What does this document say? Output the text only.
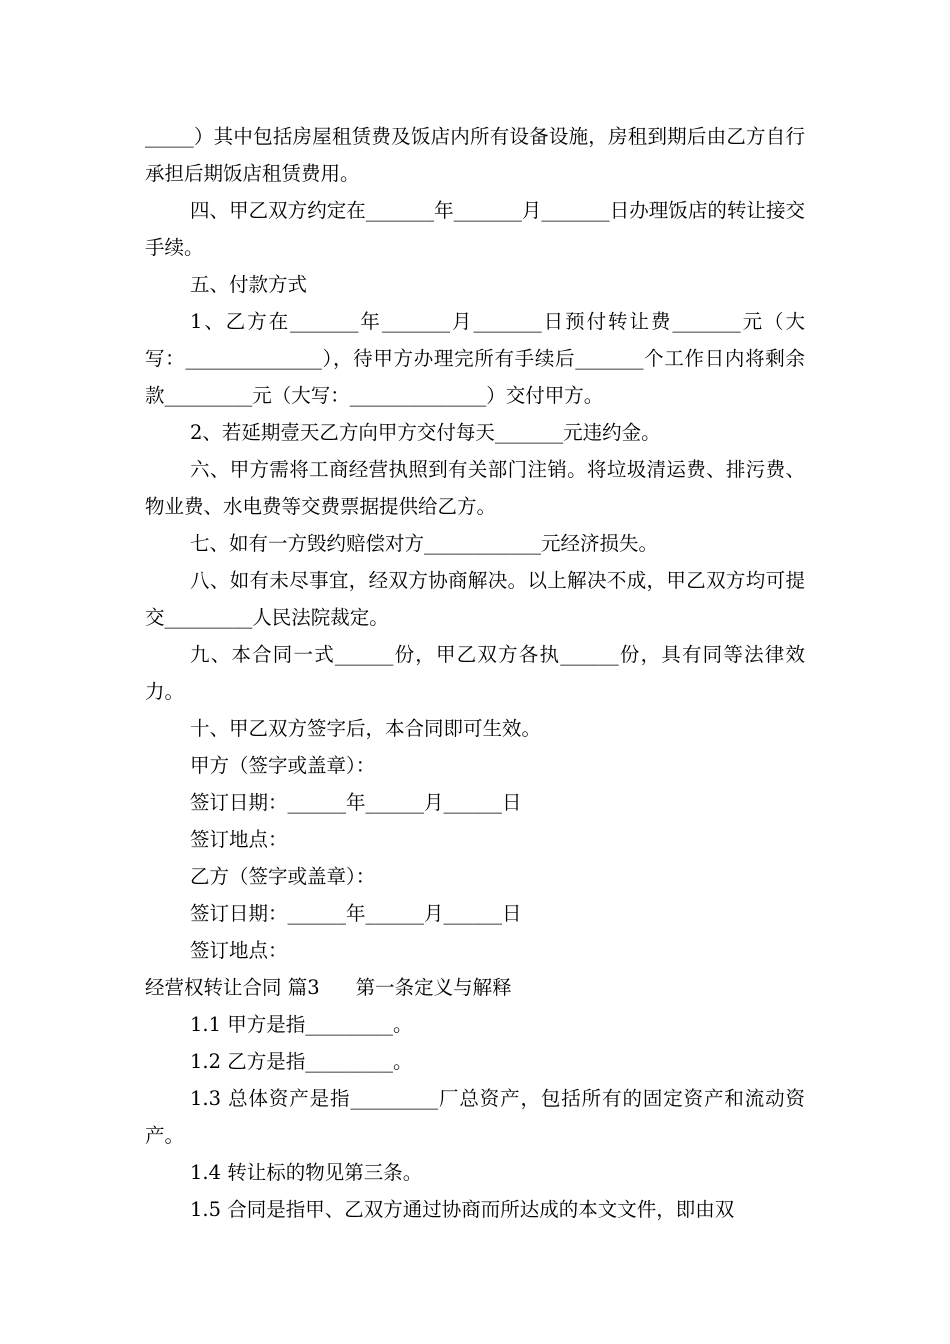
_____）其中包括房屋租赁费及饭店内所有设备设施，房租到期后由乙方自行承担后期饭店租赁费用。

四、甲乙双方约定在_______年_______月_______日办理饭店的转让接交手续。

五、付款方式

1、乙方在_______年_______月_______日预付转让费_______元（大写：______________），待甲方办理完所有手续后_______个工作日内将剩余款_________元（大写：______________）交付甲方。

2、若延期壹天乙方向甲方交付每天_______元违约金。

六、甲方需将工商经营执照到有关部门注销。将垃圾清运费、排污费、物业费、水电费等交费票据提供给乙方。

七、如有一方毁约赔偿对方____________元经济损失。

八、如有未尽事宜，经双方协商解决。以上解决不成，甲乙双方均可提交_________人民法院裁定。

九、本合同一式______份，甲乙双方各执______份，具有同等法律效力。

十、甲乙双方签字后，本合同即可生效。

甲方（签字或盖章）：

签订日期：______年______月______日

签订地点：

乙方（签字或盖章）：

签订日期：______年______月______日

签订地点：

经营权转让合同 篇3 第一条定义与解释

1.1 甲方是指_________。

1.2 乙方是指_________。

1.3 总体资产是指_________厂总资产，包括所有的固定资产和流动资产。

1.4 转让标的物见第三条。

1.5 合同是指甲、乙双方通过协商而所达成的本文文件，即由双
